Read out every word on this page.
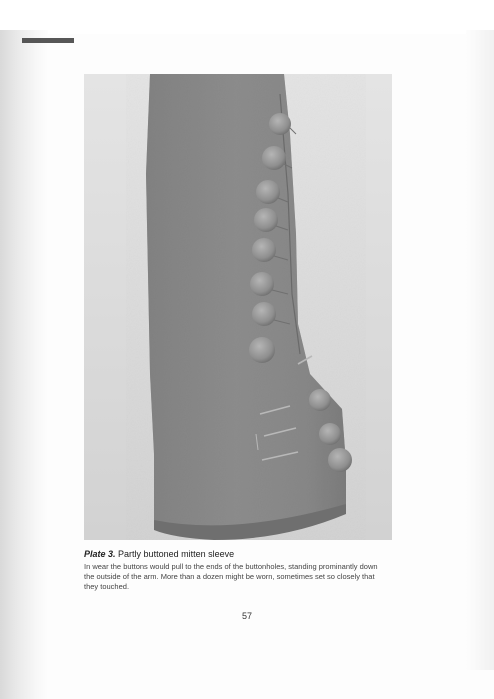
Plate 3. Partly buttoned mitten sleeve

In wear the buttons would pull to the ends of the buttonholes, standing prominantly down the outside of the arm. More than a dozen might be worn, sometimes set so closely that they touched.

57
